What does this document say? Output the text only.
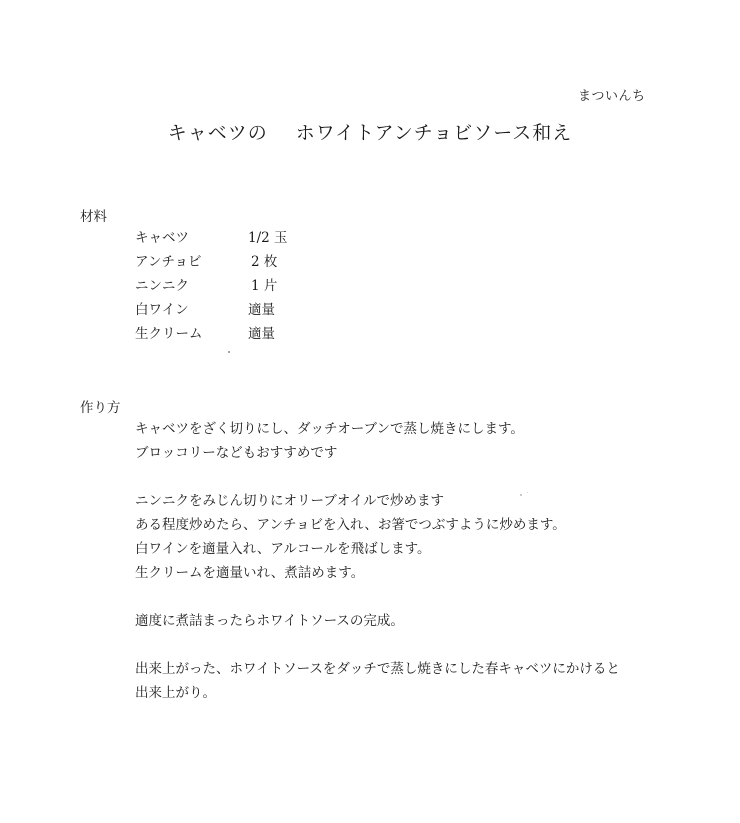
まついんち
キャベツの ホワイトアンチョビソース和え
材料
キャベツ	1/2 玉
アンチョビ	2 枚
ニンニク	1 片
白ワイン	適量
生クリーム	適量
作り方
キャベツをざく切りにし、ダッチオーブンで蒸し焼きにします。
ブロッコリーなどもおすすめです
ニンニクをみじん切りにオリーブオイルで炒めます
ある程度炒めたら、アンチョビを入れ、お箸でつぶすように炒めます。
白ワインを適量入れ、アルコールを飛ばします。
生クリームを適量いれ、煮詰めます。
適度に煮詰まったらホワイトソースの完成。
出来上がった、ホワイトソースをダッチで蒸し焼きにした春キャベツにかけると
出来上がり。
